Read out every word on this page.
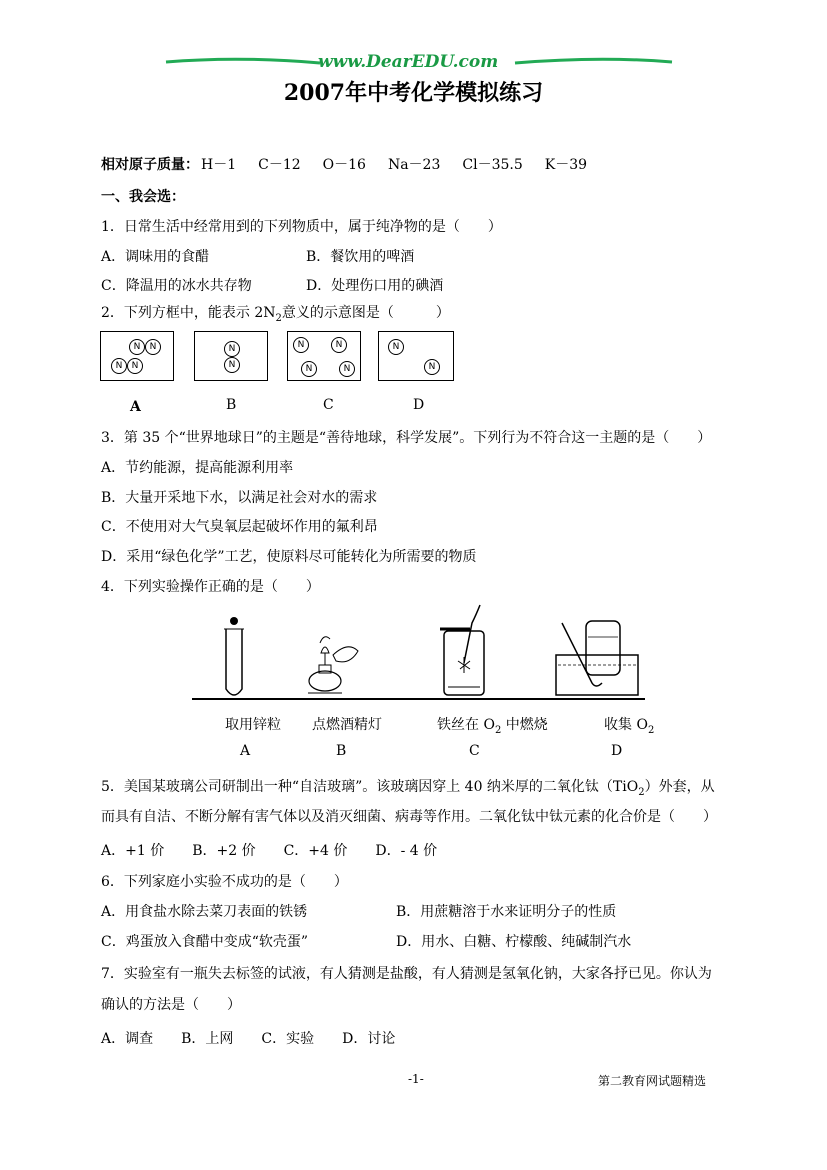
www.DearEDU.com
2007年中考化学模拟练习
相对原子质量： H－1 C－12 O－16 Na－23 Cl－35.5 K－39
一、我会选：
1．日常生活中经常用到的下列物质中，属于纯净物的是（　　）
A．调味用的食醋	B．餐饮用的啤酒
C．降温用的冰水共存物	D．处理伤口用的碘酒
2．下列方框中，能表示 $2N_2$意义的示意图是（　　　）
N	N
N	N
N
N
N	N
N	N
N
N
A	B	C	D
3．第 35 个“世界地球日”的主题是“善待地球，科学发展”。下列行为不符合这一主题的是（　　）
A．节约能源，提高能源利用率
B．大量开采地下水，以满足社会对水的需求
C．不使用对大气臭氧层起破坏作用的氟利昂
D．采用“绿色化学”工艺，使原料尽可能转化为所需要的物质
4．下列实验操作正确的是（　　）
取用锌粒 点燃酒精灯	铁丝在 $O_2$ 中燃烧	收集 $O_2$
A	B	C	D
5．美国某玻璃公司研制出一种“自洁玻璃”。该玻璃因穿上 40 纳米厚的二氧化钛（TiO$_2$）外套，从
而具有自洁、不断分解有害气体以及消灭细菌、病毒等作用。二氧化钛中钛元素的化合价是（　　）
A．+1 价　　B．+2 价　　C．+4 价　　D．- 4 价
6．下列家庭小实验不成功的是（　　）
A．用食盐水除去菜刀表面的铁锈	B．用蔗糖溶于水来证明分子的性质
C．鸡蛋放入食醋中变成“软壳蛋”	D．用水、白糖、柠檬酸、纯碱制汽水
7．实验室有一瓶失去标签的试液，有人猜测是盐酸，有人猜测是氢氧化钠，大家各抒已见。你认为
确认的方法是（　　）
A．调查　　B．上网　　C．实验　　D．讨论
-1-	第二教育网试题精选
